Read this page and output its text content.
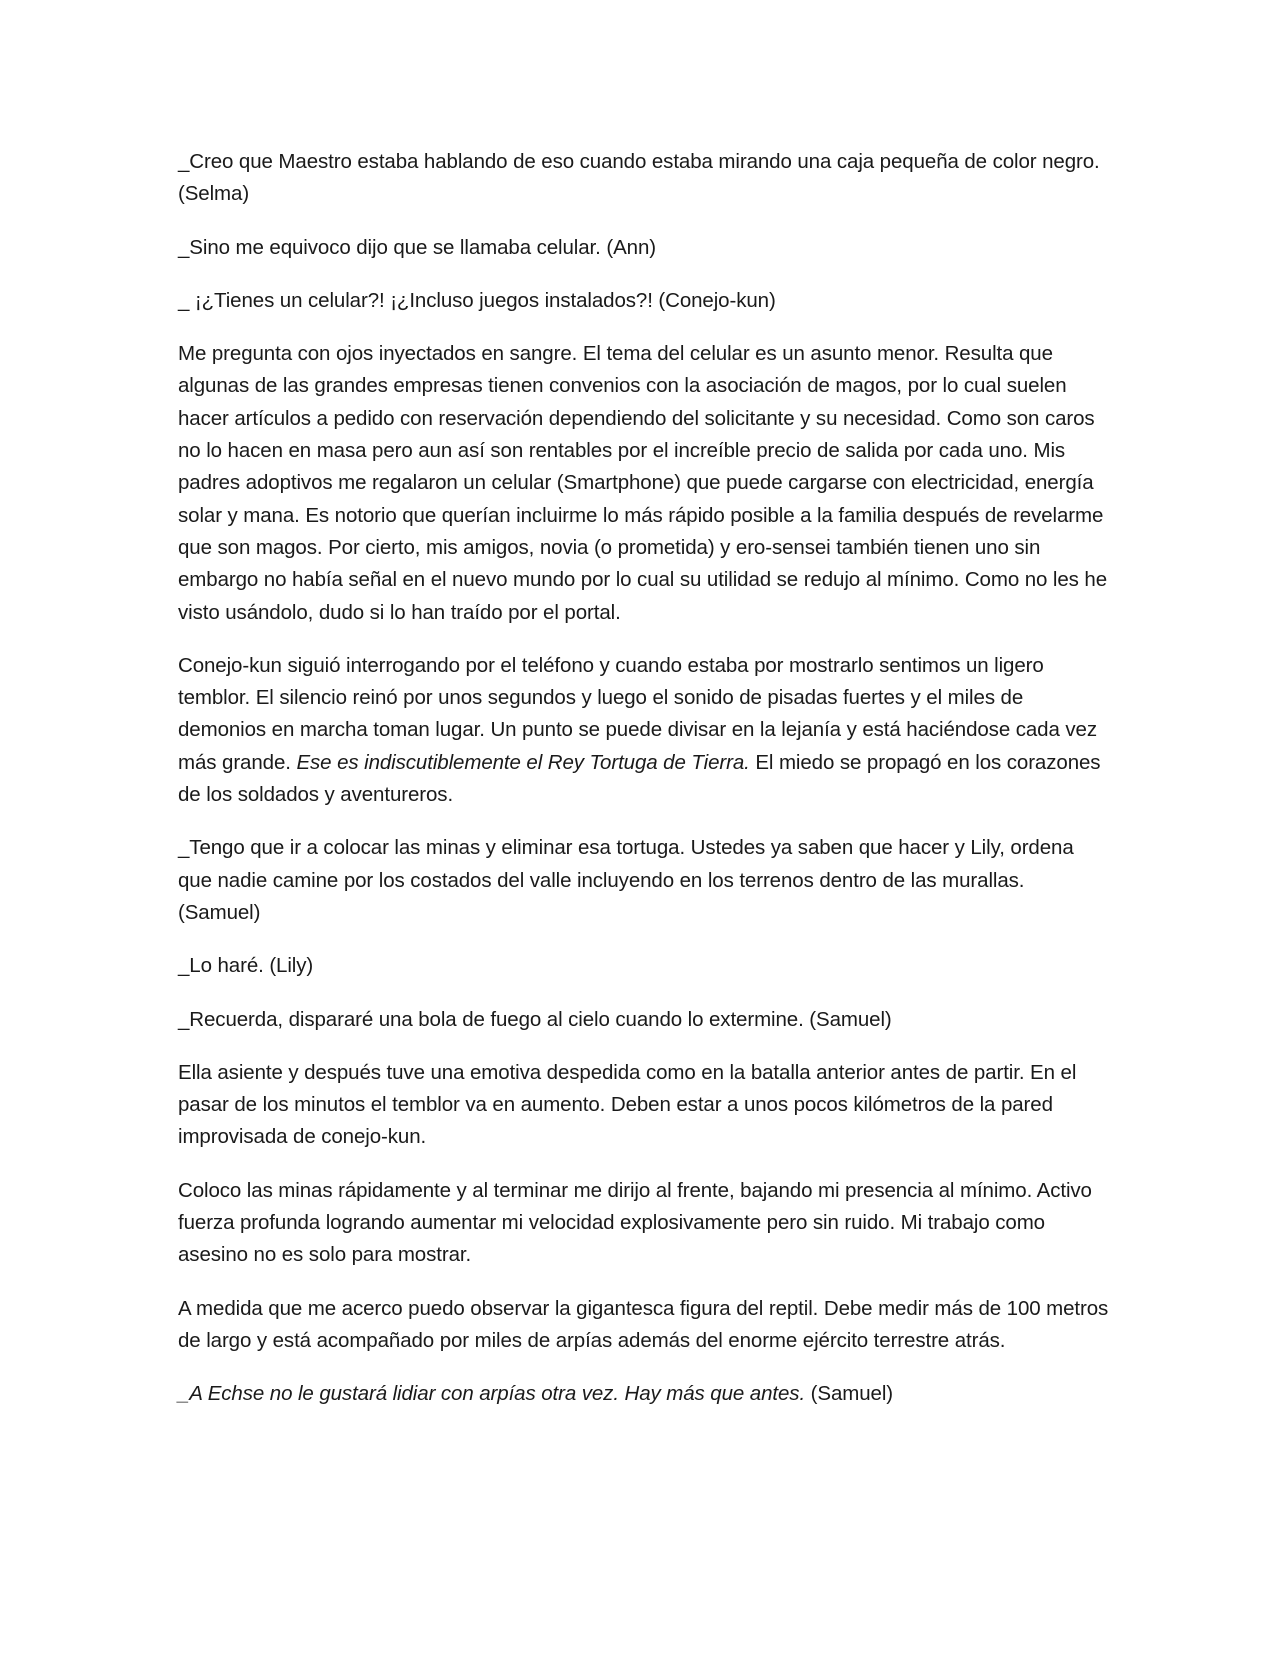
_Creo que Maestro estaba hablando de eso cuando estaba mirando una caja pequeña de color negro. (Selma)

_Sino me equivoco dijo que se llamaba celular. (Ann)

_ ¡¿Tienes un celular?! ¡¿Incluso juegos instalados?! (Conejo-kun)

Me pregunta con ojos inyectados en sangre. El tema del celular es un asunto menor. Resulta que algunas de las grandes empresas tienen convenios con la asociación de magos, por lo cual suelen hacer artículos a pedido con reservación dependiendo del solicitante y su necesidad. Como son caros no lo hacen en masa pero aun así son rentables por el increíble precio de salida por cada uno. Mis padres adoptivos me regalaron un celular (Smartphone) que puede cargarse con electricidad, energía solar y mana. Es notorio que querían incluirme lo más rápido posible a la familia después de revelarme que son magos. Por cierto, mis amigos, novia (o prometida) y ero-sensei también tienen uno sin embargo no había señal en el nuevo mundo por lo cual su utilidad se redujo al mínimo. Como no les he visto usándolo, dudo si lo han traído por el portal.

Conejo-kun siguió interrogando por el teléfono y cuando estaba por mostrarlo sentimos un ligero temblor. El silencio reinó por unos segundos y luego el sonido de pisadas fuertes y el miles de demonios en marcha toman lugar. Un punto se puede divisar en la lejanía y está haciéndose cada vez más grande. Ese es indiscutiblemente el Rey Tortuga de Tierra. El miedo se propagó en los corazones de los soldados y aventureros.

_Tengo que ir a colocar las minas y eliminar esa tortuga. Ustedes ya saben que hacer y Lily, ordena que nadie camine por los costados del valle incluyendo en los terrenos dentro de las murallas. (Samuel)

_Lo haré. (Lily)

_Recuerda, dispararé una bola de fuego al cielo cuando lo extermine. (Samuel)

Ella asiente y después tuve una emotiva despedida como en la batalla anterior antes de partir. En el pasar de los minutos el temblor va en aumento. Deben estar a unos pocos kilómetros de la pared improvisada de conejo-kun.

Coloco las minas rápidamente y al terminar me dirijo al frente, bajando mi presencia al mínimo. Activo fuerza profunda logrando aumentar mi velocidad explosivamente pero sin ruido. Mi trabajo como asesino no es solo para mostrar.

A medida que me acerco puedo observar la gigantesca figura del reptil. Debe medir más de 100 metros de largo y está acompañado por miles de arpías además del enorme ejército terrestre atrás.

_A Echse no le gustará lidiar con arpías otra vez. Hay más que antes. (Samuel)
